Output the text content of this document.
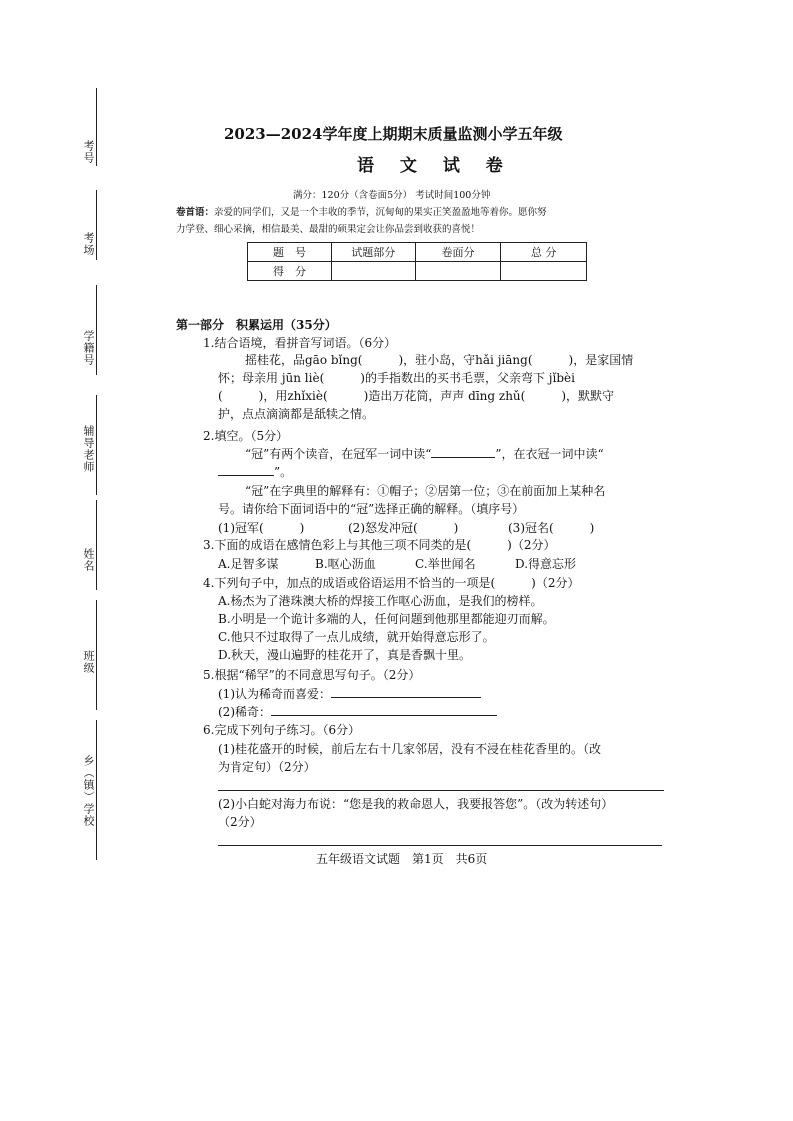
考号
考场
学籍号
辅导老师
姓名
班级
乡（镇）学校
2023—2024学年度上期期末质量监测小学五年级
语 文 试 卷
满分：120分（含卷面5分） 考试时间100分钟
卷首语：亲爱的同学们，又是一个丰收的季节，沉甸甸的果实正笑盈盈地等着你。愿你努
力学登、细心采摘，相信最美、最甜的硕果定会让你品尝到收获的喜悦！
题　号	试题部分	卷面分	总 分
得　分			
第一部分　积累运用（35分）
1.结合语境，看拼音写词语。（6分）
摇桂花，品gāo bǐng(　　　)，驻小岛，守hǎi jiāng(　　　)，是家国情
怀；母亲用 jūn liè(　　　)的手指数出的买书毛票，父亲弯下 jǐbèi
(　　　)，用zhǐxiè(　　　)造出万花筒，声声 dīng zhǔ(　　　)，默默守
护，点点滴滴都是舐犊之情。
2.填空。（5分）
“冠”有两个读音，在冠军一词中读“	”，在衣冠一词中读“
”。
“冠”在字典里的解释有：①帽子；②居第一位；③在前面加上某种名
号。请你给下面词语中的“冠”选择正确的解释。（填序号）
(1)冠军(　　　)	(2)怒发冲冠(　　　)	(3)冠名(　　　)
3.下面的成语在感情色彩上与其他三项不同类的是(　　　)（2分）
A.足智多谋	B.呕心沥血	C.举世闻名	D.得意忘形
4.下列句子中，加点的成语或俗语运用不恰当的一项是(　　　)（2分）
A.杨杰为了港珠澳大桥的焊接工作呕心沥血，是我们的榜样。
B.小明是一个诡计多端的人，任何问题到他那里都能迎刃而解。
C.他只不过取得了一点儿成绩，就开始得意忘形了。
D.秋天，漫山遍野的桂花开了，真是香飘十里。
5.根据“稀罕”的不同意思写句子。（2分）
(1)认为稀奇而喜爱：
(2)稀奇：
6.完成下列句子练习。（6分）
(1)桂花盛开的时候，前后左右十几家邻居，没有不浸在桂花香里的。（改
为肯定句）（2分）
(2)小白蛇对海力布说：“您是我的救命恩人，我要报答您”。（改为转述句）
（2分）
五年级语文试题　第1页　共6页
